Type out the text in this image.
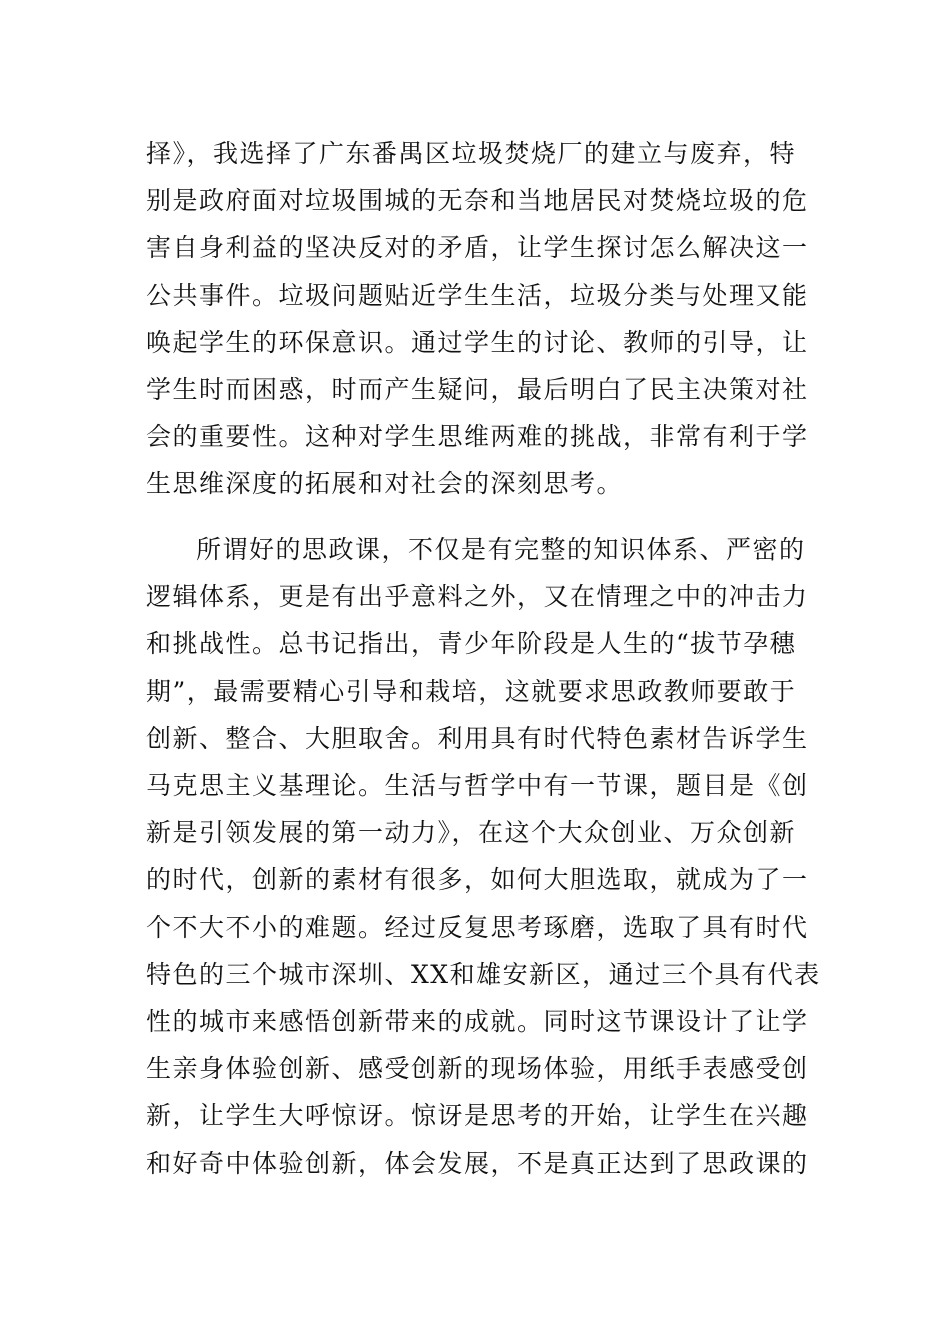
择》，我选择了广东番禺区垃圾焚烧厂的建立与废弃，特
别是政府面对垃圾围城的无奈和当地居民对焚烧垃圾的危
害自身利益的坚决反对的矛盾，让学生探讨怎么解决这一
公共事件。垃圾问题贴近学生生活，垃圾分类与处理又能
唤起学生的环保意识。通过学生的讨论、教师的引导，让
学生时而困惑，时而产生疑问，最后明白了民主决策对社
会的重要性。这种对学生思维两难的挑战，非常有利于学
生思维深度的拓展和对社会的深刻思考。
所谓好的思政课，不仅是有完整的知识体系、严密的
逻辑体系，更是有出乎意料之外，又在情理之中的冲击力
和挑战性。总书记指出，青少年阶段是人生的“拔节孕穗
期”，最需要精心引导和栽培，这就要求思政教师要敢于
创新、整合、大胆取舍。利用具有时代特色素材告诉学生
马克思主义基理论。生活与哲学中有一节课，题目是《创
新是引领发展的第一动力》，在这个大众创业、万众创新
的时代，创新的素材有很多，如何大胆选取，就成为了一
个不大不小的难题。经过反复思考琢磨，选取了具有时代
特色的三个城市深圳、XX和雄安新区，通过三个具有代表
性的城市来感悟创新带来的成就。同时这节课设计了让学
生亲身体验创新、感受创新的现场体验，用纸手表感受创
新，让学生大呼惊讶。惊讶是思考的开始，让学生在兴趣
和好奇中体验创新，体会发展，不是真正达到了思政课的
